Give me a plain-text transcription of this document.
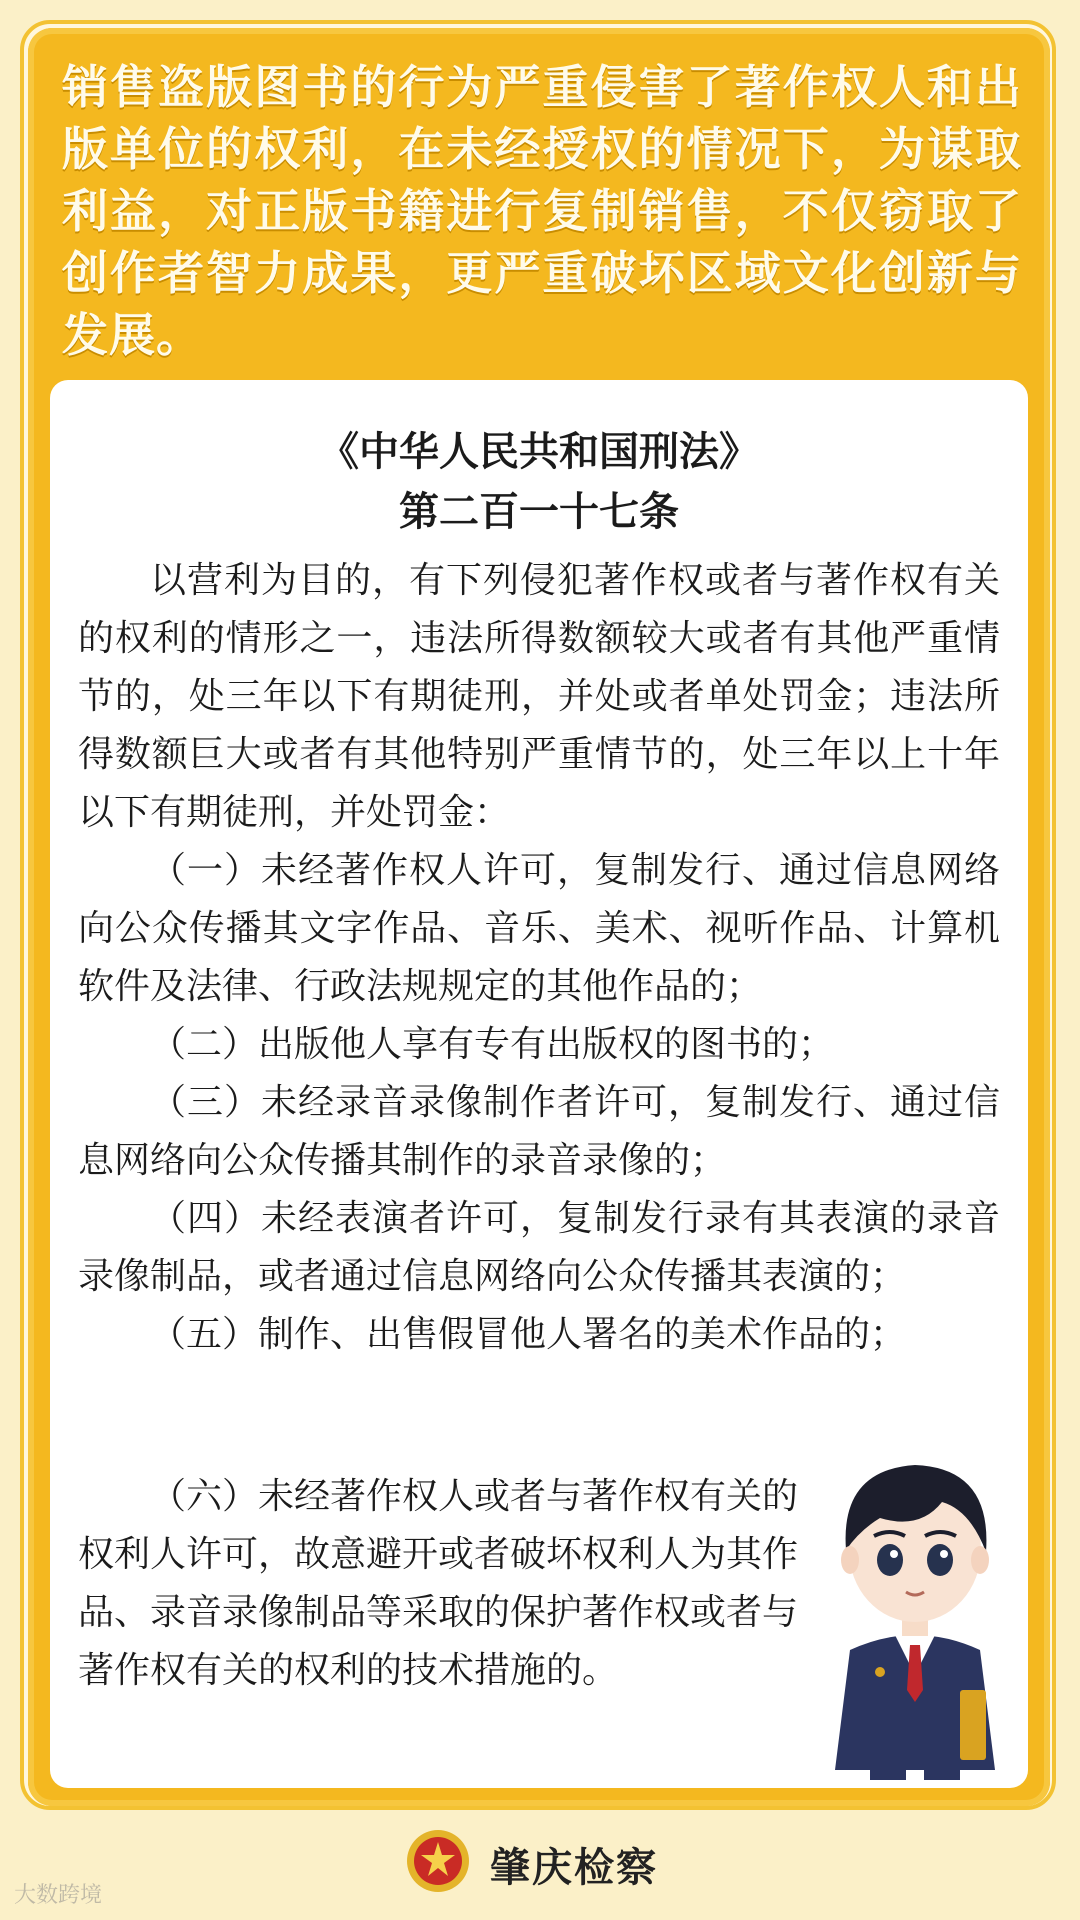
销售盗版图书的行为严重侵害了著作权人和出版单位的权利，在未经授权的情况下，为谋取利益，对正版书籍进行复制销售，不仅窃取了创作者智力成果，更严重破坏区域文化创新与发展。
《中华人民共和国刑法》
第二百一十七条

以营利为目的，有下列侵犯著作权或者与著作权有关的权利的情形之一，违法所得数额较大或者有其他严重情节的，处三年以下有期徒刑，并处或者单处罚金；违法所得数额巨大或者有其他特别严重情节的，处三年以上十年以下有期徒刑，并处罚金：

（一）未经著作权人许可，复制发行、通过信息网络向公众传播其文字作品、音乐、美术、视听作品、计算机软件及法律、行政法规规定的其他作品的；

（二）出版他人享有专有出版权的图书的；

（三）未经录音录像制作者许可，复制发行、通过信息网络向公众传播其制作的录音录像的；

（四）未经表演者许可，复制发行录有其表演的录音录像制品，或者通过信息网络向公众传播其表演的；

（五）制作、出售假冒他人署名的美术作品的；

（六）未经著作权人或者与著作权有关的权利人许可，故意避开或者破坏权利人为其作品、录音录像制品等采取的保护著作权或者与著作权有关的权利的技术措施的。

肇庆检察
大数跨境
